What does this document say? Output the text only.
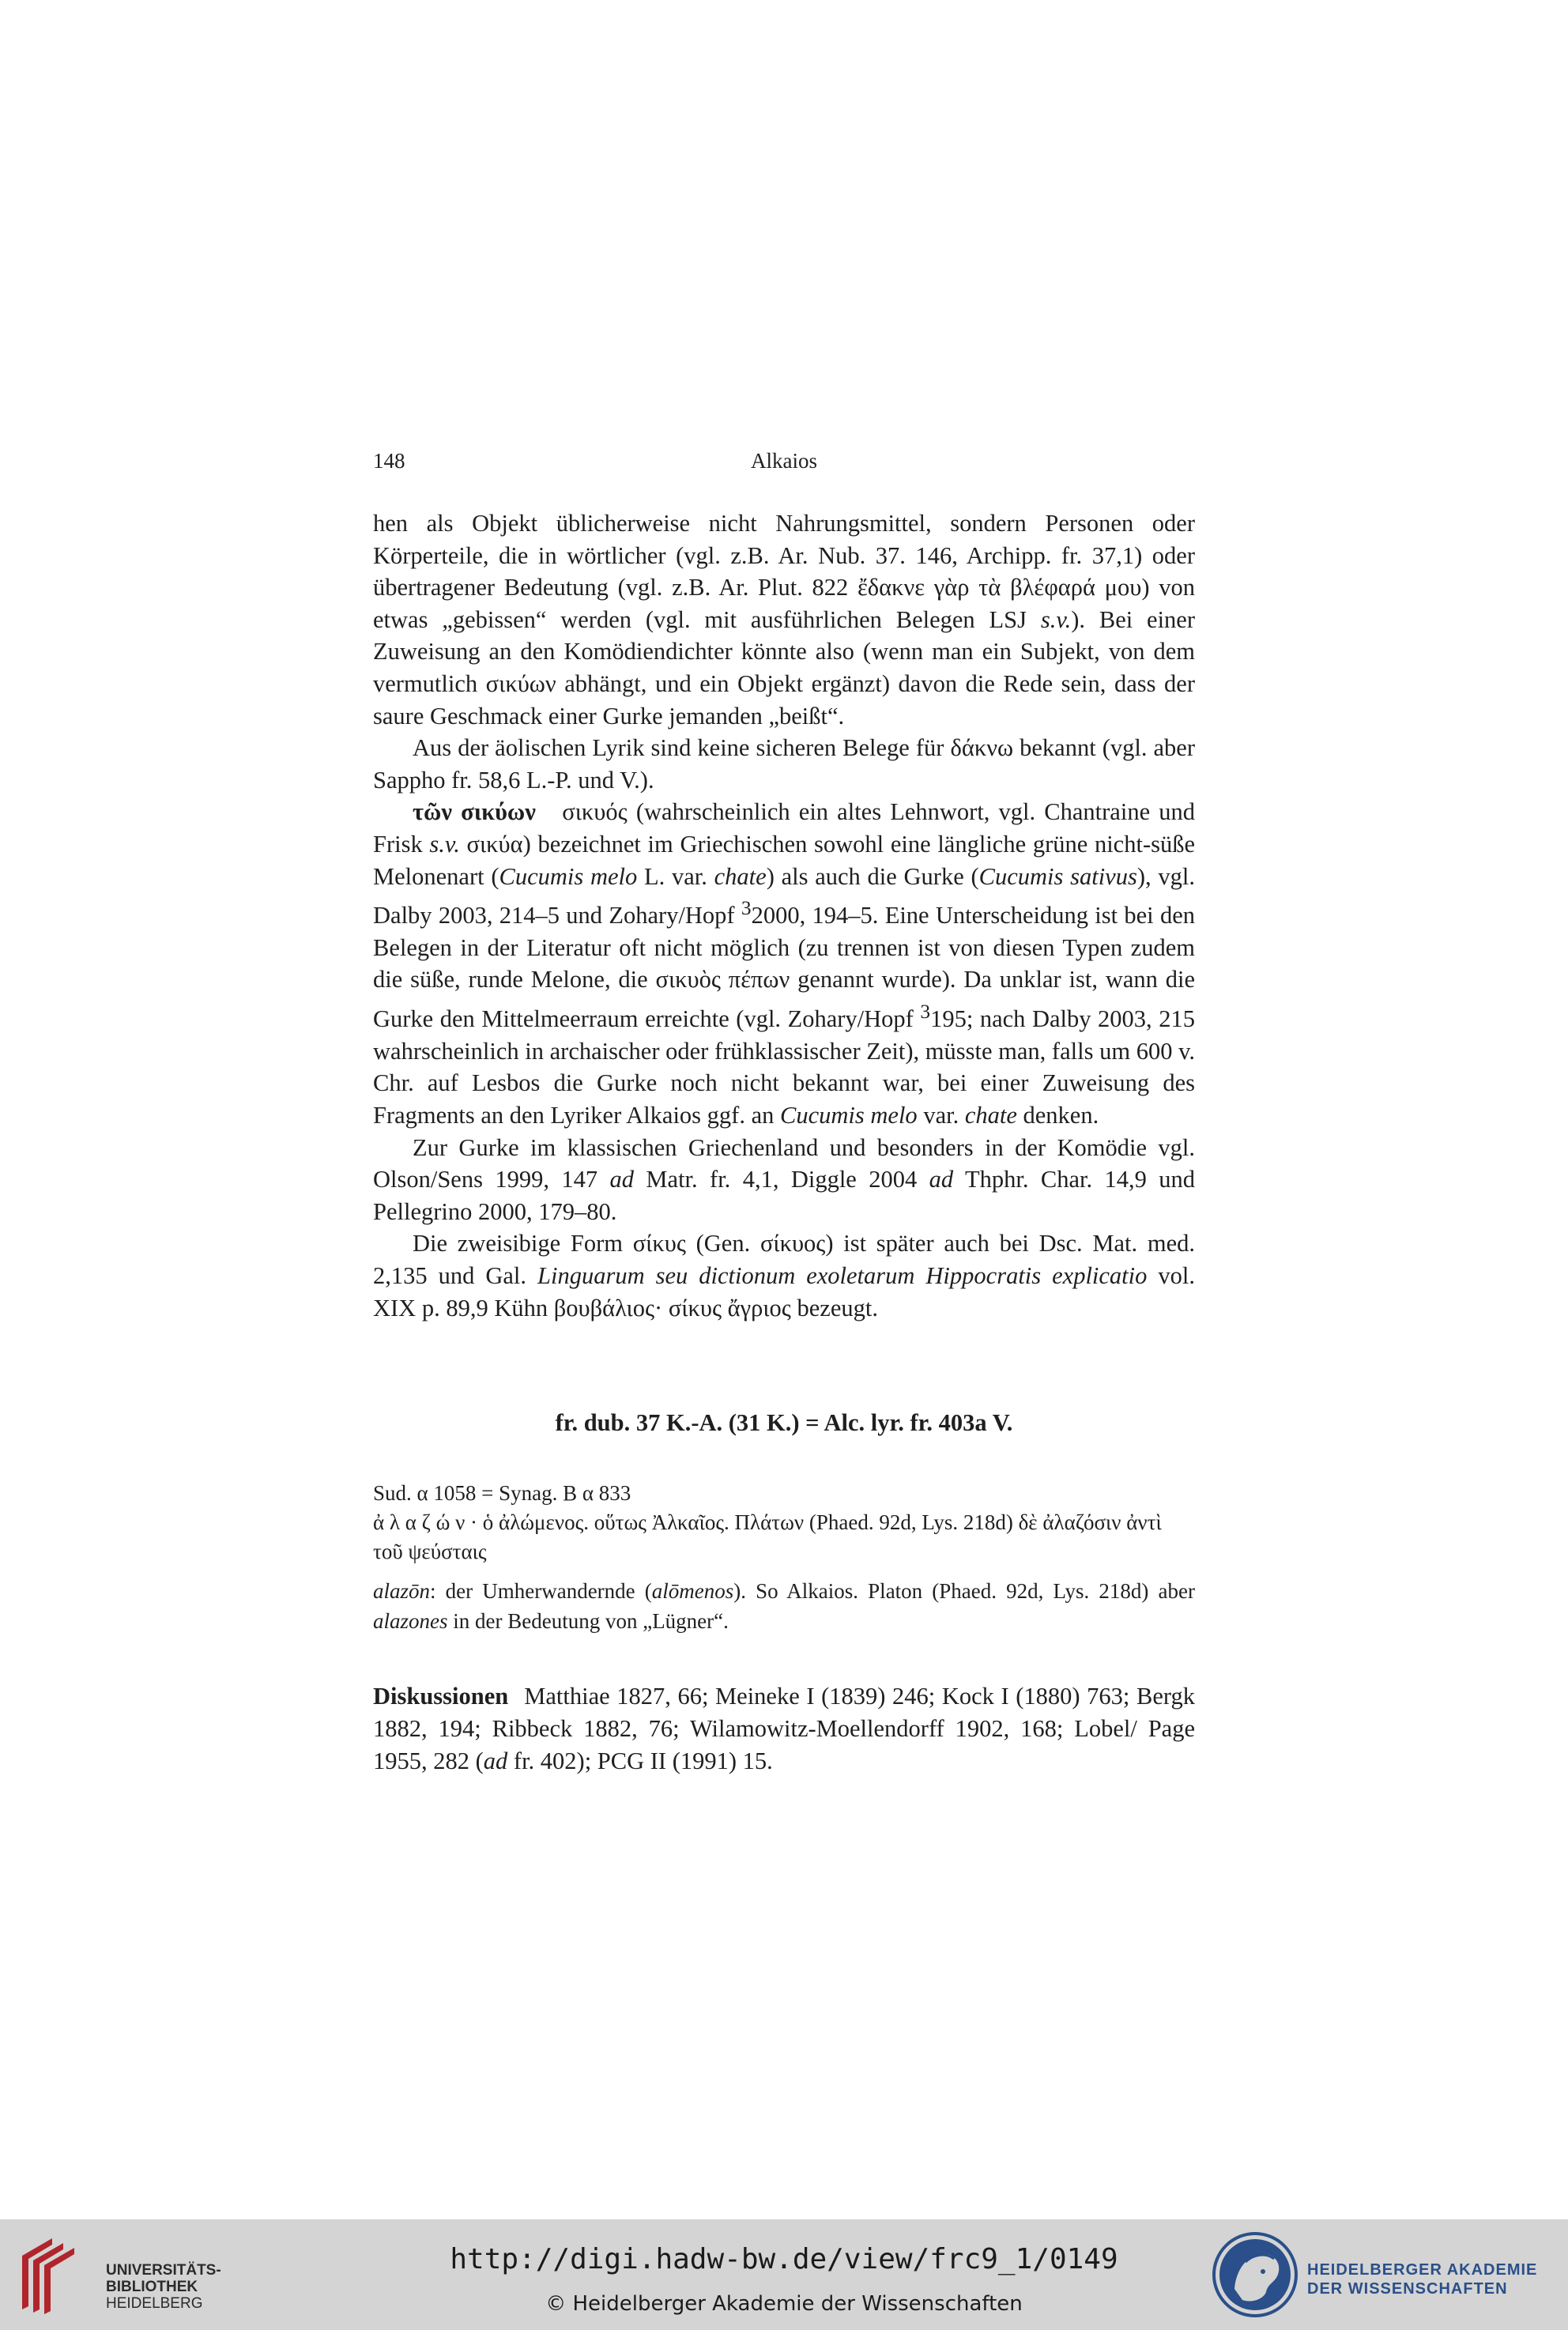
148	Alkaios

hen als Objekt üblicherweise nicht Nahrungsmittel, sondern Personen oder Körperteile, die in wörtlicher (vgl. z.B. Ar. Nub. 37. 146, Archipp. fr. 37,1) oder übertragener Bedeutung (vgl. z.B. Ar. Plut. 822 ἔδακνε γὰρ τὰ βλέφαρά μου) von etwas „gebissen“ werden (vgl. mit ausführlichen Belegen LSJ s.v.). Bei einer Zuweisung an den Komödiendichter könnte also (wenn man ein Subjekt, von dem vermutlich σικύων abhängt, und ein Objekt ergänzt) davon die Rede sein, dass der saure Geschmack einer Gurke jemanden „beißt“.

Aus der äolischen Lyrik sind keine sicheren Belege für δάκνω bekannt (vgl. aber Sappho fr. 58,6 L.-P. und V.).

τῶν σικύων σικυός (wahrscheinlich ein altes Lehnwort, vgl. Chantraine und Frisk s.v. σικύα) bezeichnet im Griechischen sowohl eine längliche grüne nicht-süße Melonenart (Cucumis melo L. var. chate) als auch die Gurke (Cucumis sativus), vgl. Dalby 2003, 214–5 und Zohary/Hopf $^3$2000, 194–5. Eine Unterscheidung ist bei den Belegen in der Literatur oft nicht möglich (zu trennen ist von diesen Typen zudem die süße, runde Melone, die σικυὸς πέπων genannt wurde). Da unklar ist, wann die Gurke den Mittelmeerraum erreichte (vgl. Zohary/Hopf $^3$195; nach Dalby 2003, 215 wahrscheinlich in archaischer oder frühklassischer Zeit), müsste man, falls um 600 v. Chr. auf Lesbos die Gurke noch nicht bekannt war, bei einer Zuweisung des Fragments an den Lyriker Alkaios ggf. an Cucumis melo var. chate denken.

Zur Gurke im klassischen Griechenland und besonders in der Komödie vgl. Olson/Sens 1999, 147 ad Matr. fr. 4,1, Diggle 2004 ad Thphr. Char. 14,9 und Pellegrino 2000, 179–80.

Die zweisibige Form σίκυς (Gen. σίκυος) ist später auch bei Dsc. Mat. med. 2,135 und Gal. Linguarum seu dictionum exoletarum Hippocratis explicatio vol. XIX p. 89,9 Kühn βουβάλιος· σίκυς ἄγριος bezeugt.

fr. dub. 37 K.-A. (31 K.) = Alc. lyr. fr. 403a V.

Sud. α 1058 = Synag. Β α 833

ἀ λ α ζ ώ ν · ὁ ἀλώμενος. οὕτως Ἀλκαῖος. Πλάτων (Phaed. 92d, Lys. 218d) δὲ ἀλαζόσιν ἀντὶ τοῦ ψεύσταις

alazōn: der Umherwandernde (alōmenos). So Alkaios. Platon (Phaed. 92d, Lys. 218d) aber alazones in der Bedeutung von „Lügner“.

Diskussionen Matthiae 1827, 66; Meineke I (1839) 246; Kock I (1880) 763; Bergk 1882, 194; Ribbeck 1882, 76; Wilamowitz-Moellendorff 1902, 168; Lobel/ Page 1955, 282 (ad fr. 402); PCG II (1991) 15.

UNIVERSITÄTS-
BIBLIOTHEK
HEIDELBERG
http://digi.hadw-bw.de/view/frc9_1/0149
© Heidelberger Akademie der Wissenschaften
HEIDELBERGER AKADEMIE
DER WISSENSCHAFTEN
